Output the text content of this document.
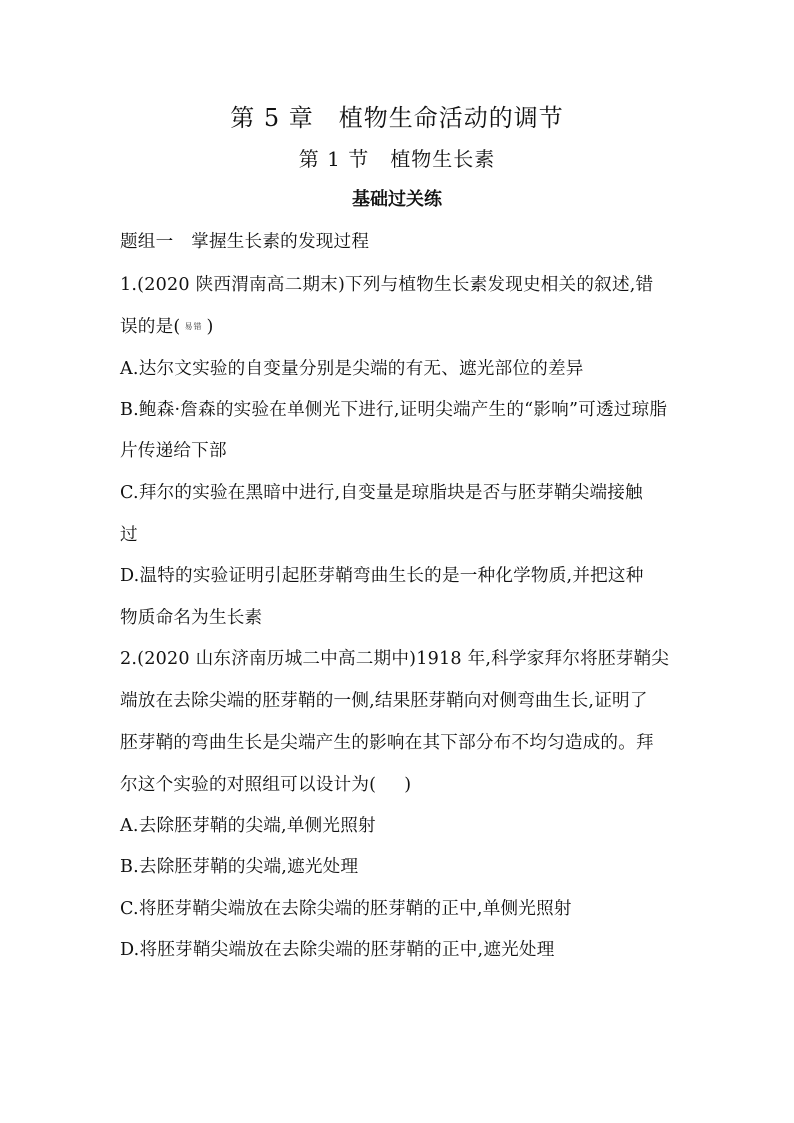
第 5 章　植物生命活动的调节
第 1 节　植物生长素
基础过关练
题组一　掌握生长素的发现过程
1.(2020 陕西渭南高二期末)下列与植物生长素发现史相关的叙述,错
误的是( 易错 )
A.达尔文实验的自变量分别是尖端的有无、遮光部位的差异
B.鲍森·詹森的实验在单侧光下进行,证明尖端产生的“影响”可透过琼脂
片传递给下部
C.拜尔的实验在黑暗中进行,自变量是琼脂块是否与胚芽鞘尖端接触
过
D.温特的实验证明引起胚芽鞘弯曲生长的是一种化学物质,并把这种
物质命名为生长素
2.(2020 山东济南历城二中高二期中)1918 年,科学家拜尔将胚芽鞘尖
端放在去除尖端的胚芽鞘的一侧,结果胚芽鞘向对侧弯曲生长,证明了
胚芽鞘的弯曲生长是尖端产生的影响在其下部分布不均匀造成的。拜
尔这个实验的对照组可以设计为( )
A.去除胚芽鞘的尖端,单侧光照射
B.去除胚芽鞘的尖端,遮光处理
C.将胚芽鞘尖端放在去除尖端的胚芽鞘的正中,单侧光照射
D.将胚芽鞘尖端放在去除尖端的胚芽鞘的正中,遮光处理
